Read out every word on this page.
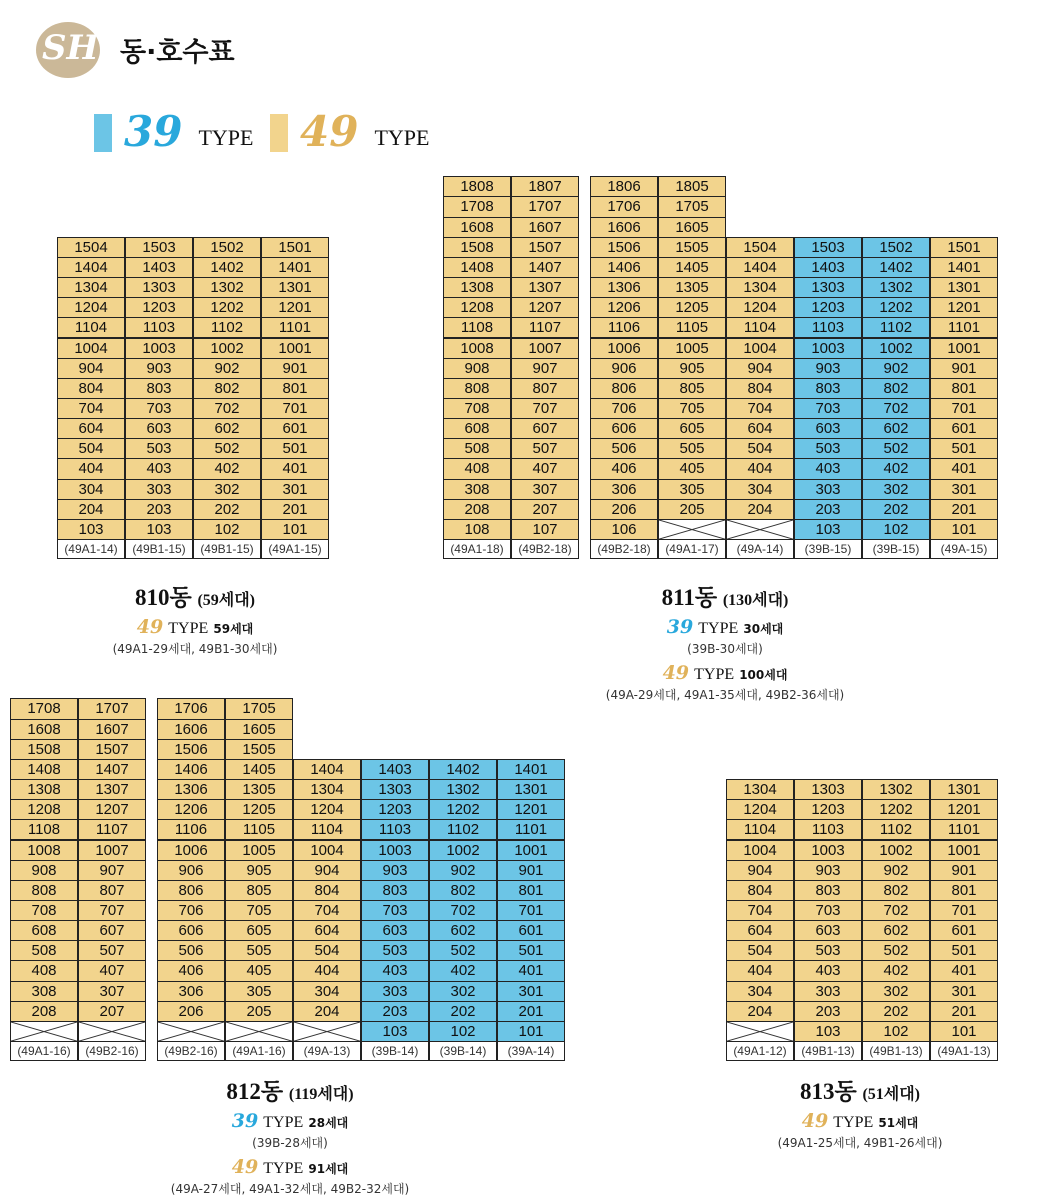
SH 동·호수표
39 TYPE 49 TYPE
810동 (59세대)
49 TYPE 59세대
(49A1-29세대, 49B1-30세대)
811동 (130세대)
39 TYPE 30세대
(39B-30세대)
49 TYPE 100세대
(49A-29세대, 49A1-35세대, 49B2-36세대)
812동 (119세대)
39 TYPE 28세대
(39B-28세대)
49 TYPE 91세대
(49A-27세대, 49A1-32세대, 49B2-32세대)
813동 (51세대)
49 TYPE 51세대
(49A1-25세대, 49B1-26세대)
103
204
304
404
504
604
704
804
904
1004
1104
1204
1304
1404
1504
(49A1-14)
103
203
303
403
503
603
703
803
903
1003
1103
1203
1303
1403
1503
(49B1-15)
102
202
302
402
502
602
702
802
902
1002
1102
1202
1302
1402
1502
(49B1-15)
101
201
301
401
501
601
701
801
901
1001
1101
1201
1301
1401
1501
(49A1-15)
108
208
308
408
508
608
708
808
908
1008
1108
1208
1308
1408
1508
1608
1708
1808
(49A1-18)
107
207
307
407
507
607
707
807
907
1007
1107
1207
1307
1407
1507
1607
1707
1807
(49B2-18)
106
206
306
406
506
606
706
806
906
1006
1106
1206
1306
1406
1506
1606
1706
1806
(49B2-18)
205
305
405
505
605
705
805
905
1005
1105
1205
1305
1405
1505
1605
1705
1805
(49A1-17)
204
304
404
504
604
704
804
904
1004
1104
1204
1304
1404
1504
(49A-14)
103
203
303
403
503
603
703
803
903
1003
1103
1203
1303
1403
1503
(39B-15)
102
202
302
402
502
602
702
802
902
1002
1102
1202
1302
1402
1502
(39B-15)
101
201
301
401
501
601
701
801
901
1001
1101
1201
1301
1401
1501
(49A-15)
208
308
408
508
608
708
808
908
1008
1108
1208
1308
1408
1508
1608
1708
(49A1-16)
207
307
407
507
607
707
807
907
1007
1107
1207
1307
1407
1507
1607
1707
(49B2-16)
206
306
406
506
606
706
806
906
1006
1106
1206
1306
1406
1506
1606
1706
(49B2-16)
205
305
405
505
605
705
805
905
1005
1105
1205
1305
1405
1505
1605
1705
(49A1-16)
204
304
404
504
604
704
804
904
1004
1104
1204
1304
1404
(49A-13)
103
203
303
403
503
603
703
803
903
1003
1103
1203
1303
1403
(39B-14)
102
202
302
402
502
602
702
802
902
1002
1102
1202
1302
1402
(39B-14)
101
201
301
401
501
601
701
801
901
1001
1101
1201
1301
1401
(39A-14)
204
304
404
504
604
704
804
904
1004
1104
1204
1304
(49A1-12)
103
203
303
403
503
603
703
803
903
1003
1103
1203
1303
(49B1-13)
102
202
302
402
502
602
702
802
902
1002
1102
1202
1302
(49B1-13)
101
201
301
401
501
601
701
801
901
1001
1101
1201
1301
(49A1-13)
